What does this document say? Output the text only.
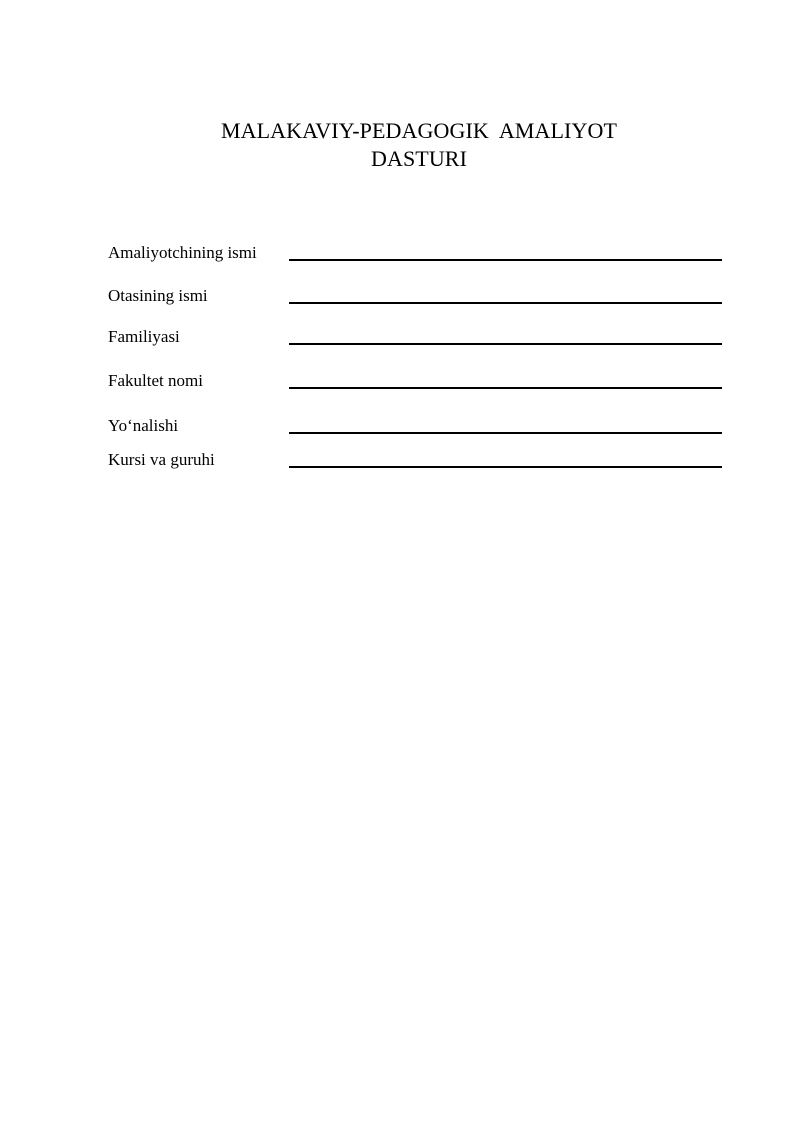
MALAKAVIY-PEDAGOGIK  AMALIYOT
DASTURI
Amaliyotchining ismi
Otasining ismi
Familiyasi
Fakultet nomi
Yo‘nalishi
Kursi va guruhi
